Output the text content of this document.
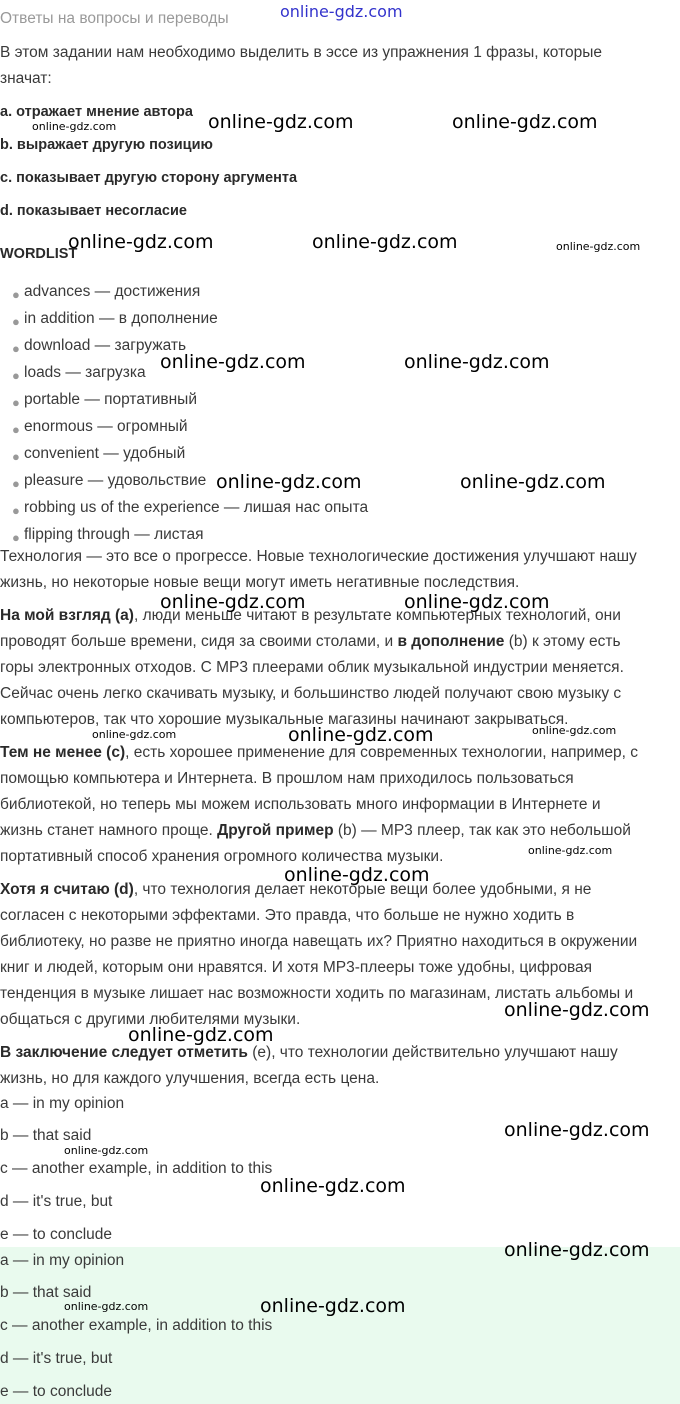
Ответы на вопросы и переводы
В этом задании нам необходимо выделить в эссе из упражнения 1 фразы, которые
значат:
a. отражает мнение автора
b. выражает другую позицию
c. показывает другую сторону аргумента
d. показывает несогласие
WORDLIST
● advances — достижения
● in addition — в дополнение
● download — загружать
● loads — загрузка
● portable — портативный
● enormous — огромный
● convenient — удобный
● pleasure — удовольствие
● robbing us of the experience — лишая нас опыта
● flipping through — листая
Технология — это все о прогрессе. Новые технологические достижения улучшают нашу
жизнь, но некоторые новые вещи могут иметь негативные последствия.
На мой взгляд (а), люди меньше читают в результате компьютерных технологий, они
проводят больше времени, сидя за своими столами, и в дополнение (b) к этому есть
горы электронных отходов. С MP3 плеерами облик музыкальной индустрии меняется.
Сейчас очень легко скачивать музыку, и большинство людей получают свою музыку с
компьютеров, так что хорошие музыкальные магазины начинают закрываться.
Тем не менее (с), есть хорошее применение для современных технологии, например, с
помощью компьютера и Интернета. В прошлом нам приходилось пользоваться
библиотекой, но теперь мы можем использовать много информации в Интернете и
жизнь станет намного проще. Другой пример (b) — MP3 плеер, так как это небольшой
портативный способ хранения огромного количества музыки.
Хотя я считаю (d), что технология делает некоторые вещи более удобными, я не
согласен с некоторыми эффектами. Это правда, что больше не нужно ходить в
библиотеку, но разве не приятно иногда навещать их? Приятно находиться в окружении
книг и людей, которым они нравятся. И хотя MP3-плееры тоже удобны, цифровая
тенденция в музыке лишает нас возможности ходить по магазинам, листать альбомы и
общаться с другими любителями музыки.
В заключение следует отметить (е), что технологии действительно улучшают нашу
жизнь, но для каждого улучшения, всегда есть цена.
a — in my opinion
b — that said
c — another example, in addition to this
d — it's true, but
e — to conclude
a — in my opinion
b — that said
c — another example, in addition to this
d — it's true, but
e — to conclude
online-gdz.com
online-gdz.com	online-gdz.com
online-gdz.com
online-gdz.com	online-gdz.com	online-gdz.com
online-gdz.com	online-gdz.com
online-gdz.com	online-gdz.com
online-gdz.com	online-gdz.com
online-gdz.com	online-gdz.com	online-gdz.com
online-gdz.com
online-gdz.com
online-gdz.com
online-gdz.com
online-gdz.com
online-gdz.com
online-gdz.com
online-gdz.com
online-gdz.com	online-gdz.com
